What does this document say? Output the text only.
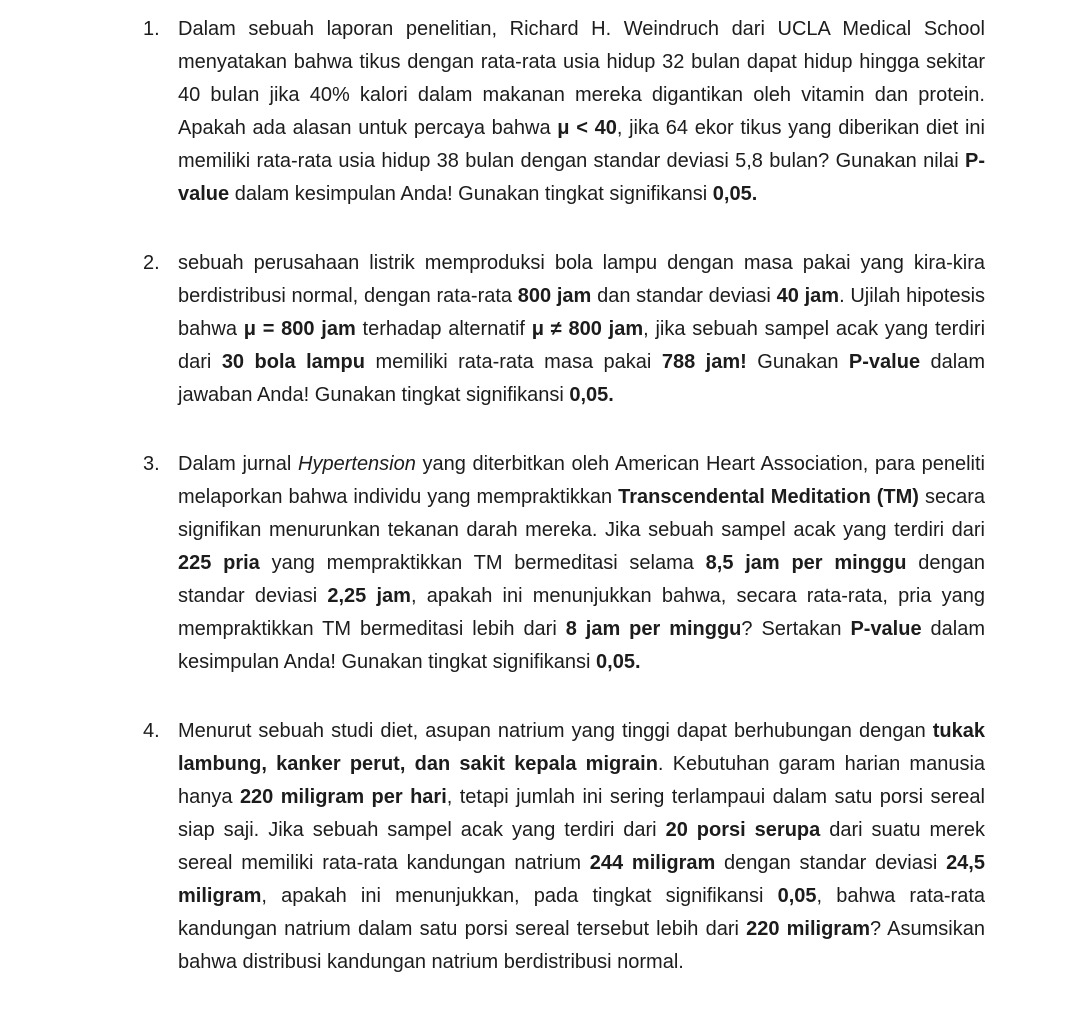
1. Dalam sebuah laporan penelitian, Richard H. Weindruch dari UCLA Medical School menyatakan bahwa tikus dengan rata-rata usia hidup 32 bulan dapat hidup hingga sekitar 40 bulan jika 40% kalori dalam makanan mereka digantikan oleh vitamin dan protein. Apakah ada alasan untuk percaya bahwa μ < 40, jika 64 ekor tikus yang diberikan diet ini memiliki rata-rata usia hidup 38 bulan dengan standar deviasi 5,8 bulan? Gunakan nilai P-value dalam kesimpulan Anda! Gunakan tingkat signifikansi 0,05.
2. sebuah perusahaan listrik memproduksi bola lampu dengan masa pakai yang kira-kira berdistribusi normal, dengan rata-rata 800 jam dan standar deviasi 40 jam. Ujilah hipotesis bahwa μ = 800 jam terhadap alternatif μ ≠ 800 jam, jika sebuah sampel acak yang terdiri dari 30 bola lampu memiliki rata-rata masa pakai 788 jam! Gunakan P-value dalam jawaban Anda! Gunakan tingkat signifikansi 0,05.
3. Dalam jurnal Hypertension yang diterbitkan oleh American Heart Association, para peneliti melaporkan bahwa individu yang mempraktikkan Transcendental Meditation (TM) secara signifikan menurunkan tekanan darah mereka. Jika sebuah sampel acak yang terdiri dari 225 pria yang mempraktikkan TM bermeditasi selama 8,5 jam per minggu dengan standar deviasi 2,25 jam, apakah ini menunjukkan bahwa, secara rata-rata, pria yang mempraktikkan TM bermeditasi lebih dari 8 jam per minggu? Sertakan P-value dalam kesimpulan Anda! Gunakan tingkat signifikansi 0,05.
4. Menurut sebuah studi diet, asupan natrium yang tinggi dapat berhubungan dengan tukak lambung, kanker perut, dan sakit kepala migrain. Kebutuhan garam harian manusia hanya 220 miligram per hari, tetapi jumlah ini sering terlampaui dalam satu porsi sereal siap saji. Jika sebuah sampel acak yang terdiri dari 20 porsi serupa dari suatu merek sereal memiliki rata-rata kandungan natrium 244 miligram dengan standar deviasi 24,5 miligram, apakah ini menunjukkan, pada tingkat signifikansi 0,05, bahwa rata-rata kandungan natrium dalam satu porsi sereal tersebut lebih dari 220 miligram? Asumsikan bahwa distribusi kandungan natrium berdistribusi normal.
